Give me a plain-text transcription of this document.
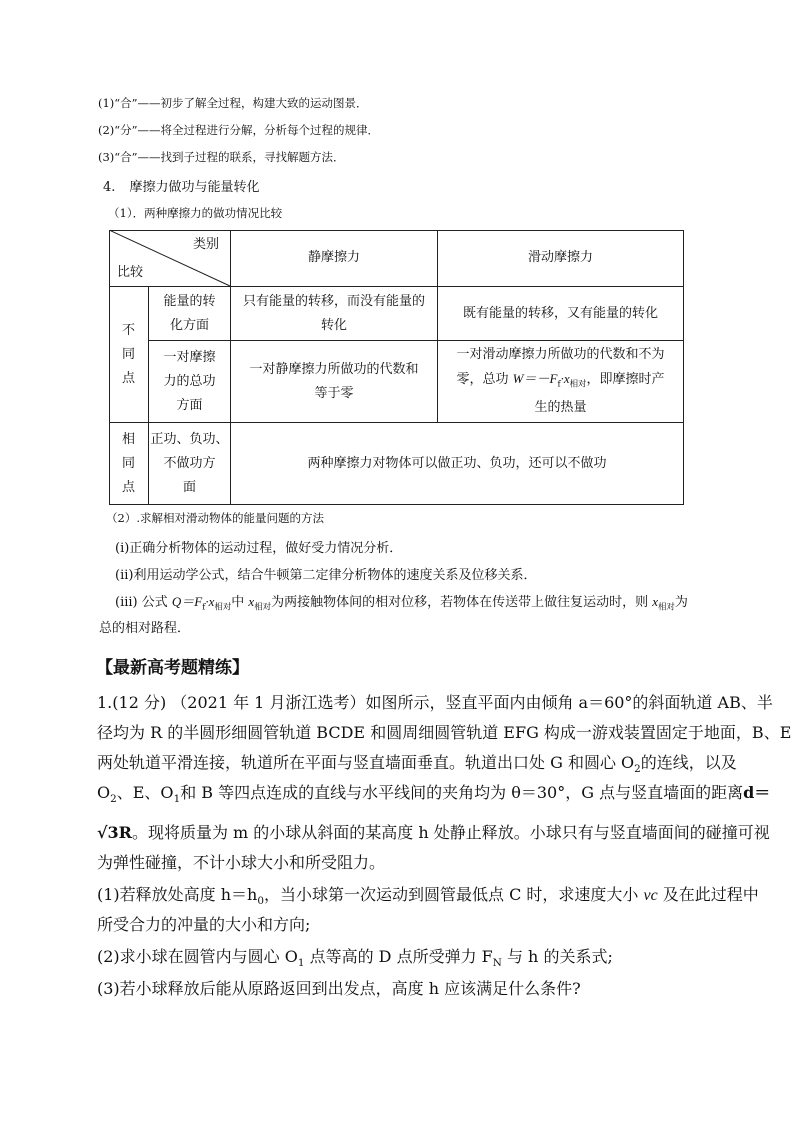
(1)“合”——初步了解全过程，构建大致的运动图景．
(2)“分”——将全过程进行分解，分析每个过程的规律．
(3)“合”——找到子过程的联系，寻找解题方法．
4. 摩擦力做功与能量转化
（1）．两种摩擦力的做功情况比较
类别
比较
静摩擦力	滑动摩擦力
不
同
点
能量的转
化方面
只有能量的转移，而没有能量的
转化
既有能量的转移，又有能量的转化
一对摩擦
力的总功
方面
一对静摩擦力所做功的代数和
等于零
一对滑动摩擦力所做功的代数和不为
零，总功 $W=-F_f\cdot x_{相对}$，即摩擦时产
生的热量
相
同
点
正功、负功、
不做功方
面
两种摩擦力对物体可以做正功、负功，还可以不做功
（2）.求解相对滑动物体的能量问题的方法
(i)正确分析物体的运动过程，做好受力情况分析．
(ii)利用运动学公式，结合牛顿第二定律分析物体的速度关系及位移关系．
(iii) 公式 $Q=F_f\cdot x_{相对}$中 $x_{相对}$为两接触物体间的相对位移，若物体在传送带上做往复运动时，则 $x_{相对}$为
总的相对路程．
【最新高考题精练】
1.(12 分) （2021 年 1 月浙江选考）如图所示，竖直平面内由倾角 a＝60°的斜面轨道 AB、半
径均为 R 的半圆形细圆管轨道 BCDE 和圆周细圆管轨道 EFG 构成一游戏装置固定于地面，B、E
两处轨道平滑连接，轨道所在平面与竖直墙面垂直。轨道出口处 G 和圆心 $O_2$的连线，以及
$O_2$、E、$O_1$和 B 等四点连成的直线与水平线间的夹角均为 θ＝30°，G 点与竖直墙面的距离d＝
√3R。现将质量为 m 的小球从斜面的某高度 h 处静止释放。小球只有与竖直墙面间的碰撞可视
为弹性碰撞，不计小球大小和所受阻力。
(1)若释放处高度 $h=h_0$，当小球第一次运动到圆管最低点 C 时，求速度大小 vc 及在此过程中
所受合力的冲量的大小和方向;
(2)求小球在圆管内与圆心 $O_1$ 点等高的 D 点所受弹力 $F_N$ 与 h 的关系式;
(3)若小球释放后能从原路返回到出发点，高度 h 应该满足什么条件?
